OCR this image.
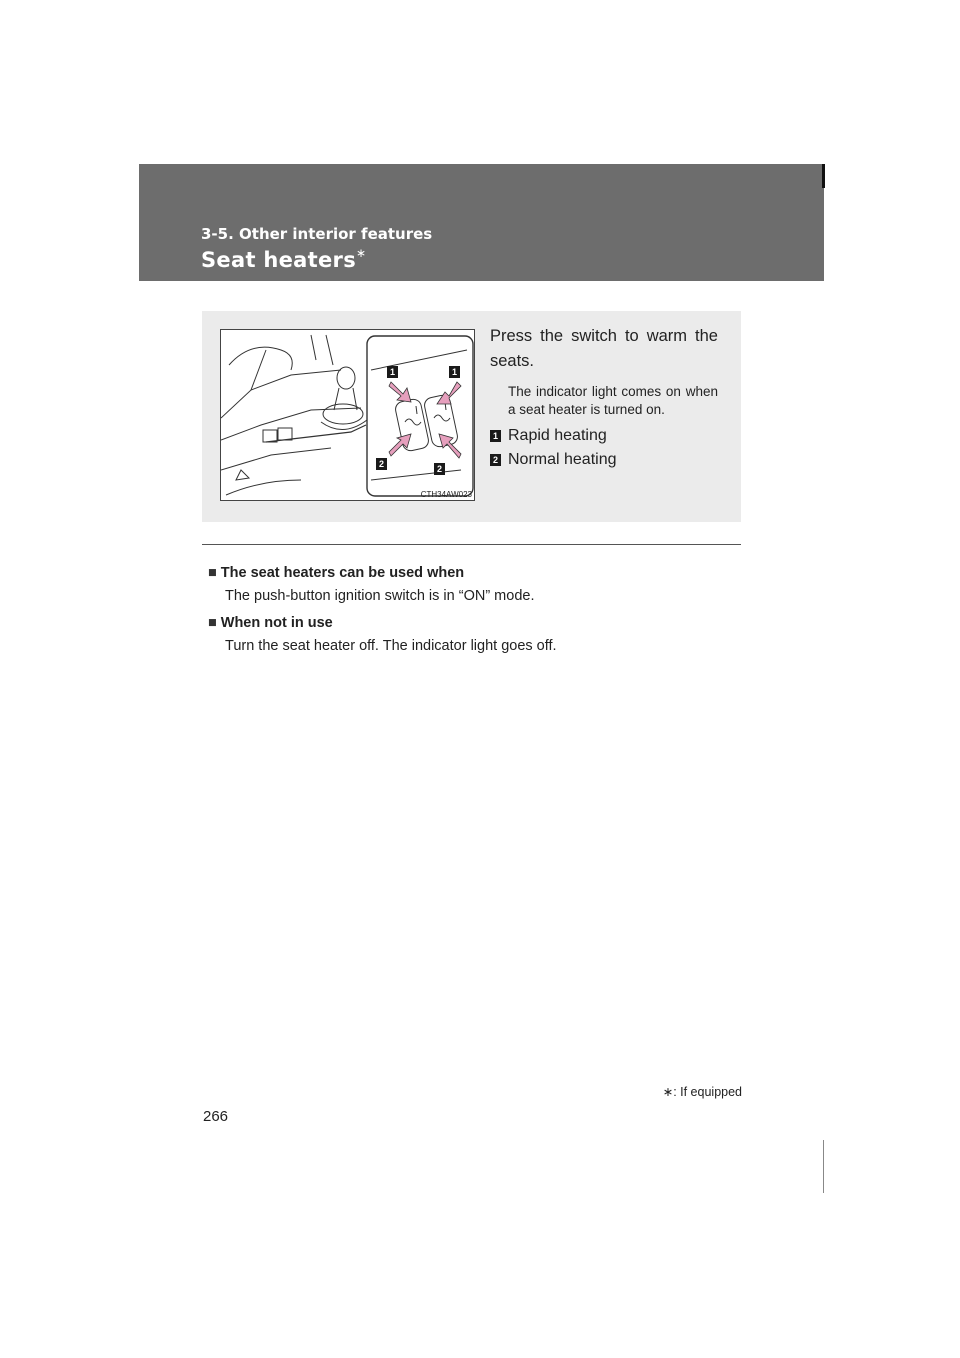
3-5. Other interior features
Seat heaters∗
1	1
2	2
CTH34AW023

Press the switch to warm the seats.

The indicator light comes on when a seat heater is turned on.

1 Rapid heating
2 Normal heating

■ The seat heaters can be used when

The push-button ignition switch is in “ON” mode.

■ When not in use

Turn the seat heater off. The indicator light goes off.

∗: If equipped
266
